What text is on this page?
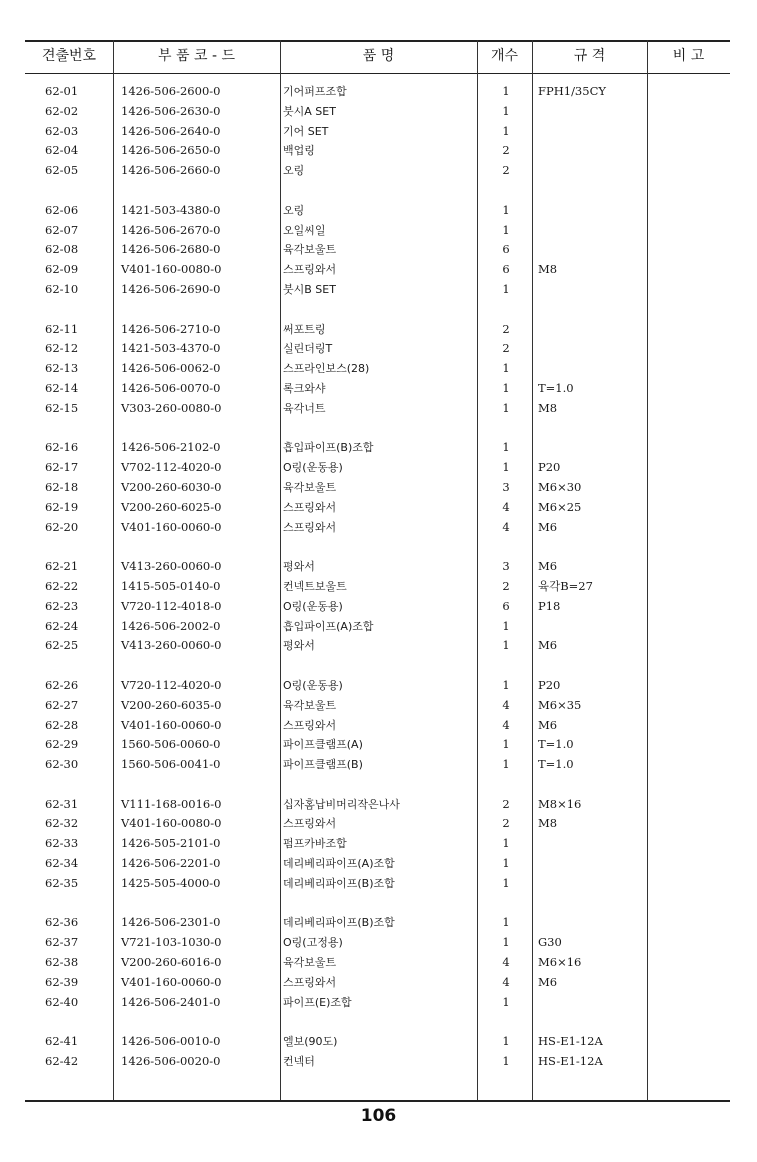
견출번호	부 품 코 - 드	품 명	개수	규 격	비 고
62-01	1426-506-2600-0	기어퍼프조합	1	FPH1/35CY
62-02	1426-506-2630-0	붓시A SET	1
62-03	1426-506-2640-0	기어 SET	1
62-04	1426-506-2650-0	백업링	2
62-05	1426-506-2660-0	오링	2
62-06	1421-503-4380-0	오링	1
62-07	1426-506-2670-0	오일씨일	1
62-08	1426-506-2680-0	육각보울트	6
62-09	V401-160-0080-0	스프링와서	6	M8
62-10	1426-506-2690-0	붓시B SET	1
62-11	1426-506-2710-0	써포트링	2
62-12	1421-503-4370-0	실린더링T	2
62-13	1426-506-0062-0	스프라인보스(28)	1
62-14	1426-506-0070-0	록크와샤	1	T=1.0
62-15	V303-260-0080-0	육각너트	1	M8
62-16	1426-506-2102-0	흡입파이프(B)조합	1
62-17	V702-112-4020-0	O링(운동용)	1	P20
62-18	V200-260-6030-0	육각보울트	3	M6×30
62-19	V200-260-6025-0	스프링와서	4	M6×25
62-20	V401-160-0060-0	스프링와서	4	M6
62-21	V413-260-0060-0	평와서	3	M6
62-22	1415-505-0140-0	컨넥트보울트	2	육각B=27
62-23	V720-112-4018-0	O링(운동용)	6	P18
62-24	1426-506-2002-0	흡입파이프(A)조합	1
62-25	V413-260-0060-0	평와서	1	M6
62-26	V720-112-4020-0	O링(운동용)	1	P20
62-27	V200-260-6035-0	육각보울트	4	M6×35
62-28	V401-160-0060-0	스프링와서	4	M6
62-29	1560-506-0060-0	파이프클램프(A)	1	T=1.0
62-30	1560-506-0041-0	파이프클램프(B)	1	T=1.0
62-31	V111-168-0016-0	십자홈납비머리작은나사	2	M8×16
62-32	V401-160-0080-0	스프링와서	2	M8
62-33	1426-505-2101-0	펌프카바조합	1
62-34	1426-506-2201-0	데리베리파이프(A)조합	1
62-35	1425-505-4000-0	데리베리파이프(B)조합	1
62-36	1426-506-2301-0	데리베리파이프(B)조합	1
62-37	V721-103-1030-0	O링(고정용)	1	G30
62-38	V200-260-6016-0	육각보울트	4	M6×16
62-39	V401-160-0060-0	스프링와서	4	M6
62-40	1426-506-2401-0	파이프(E)조합	1
62-41	1426-506-0010-0	엘보(90도)	1	HS-E1-12A
62-42	1426-506-0020-0	컨넥터	1	HS-E1-12A
106
